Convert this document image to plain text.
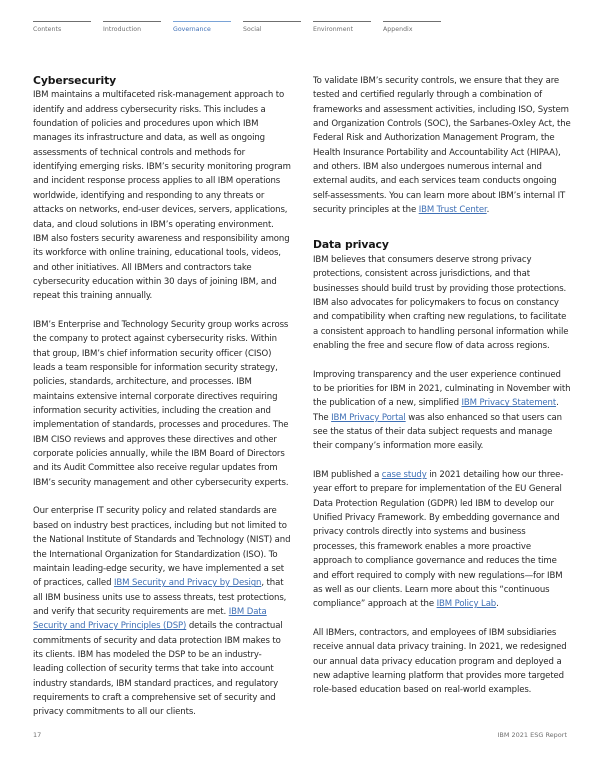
Contents	Introduction	Governance	Social	Environment	Appendix
Cybersecurity

IBM maintains a multifaceted risk-management approach to identify and address cybersecurity risks. This includes a foundation of policies and procedures upon which IBM manages its infrastructure and data, as well as ongoing assessments of technical controls and methods for identifying emerging risks. IBM’s security monitoring program and incident response process applies to all IBM operations worldwide, identifying and responding to any threats or attacks on networks, end-user devices, servers, applications, data, and cloud solutions in IBM’s operating environment. IBM also fosters security awareness and responsibility among its workforce with online training, educational tools, videos, and other initiatives. All IBMers and contractors take cybersecurity education within 30 days of joining IBM, and repeat this training annually.

IBM’s Enterprise and Technology Security group works across the company to protect against cybersecurity risks. Within that group, IBM’s chief information security officer (CISO) leads a team responsible for information security strategy, policies, standards, architecture, and processes. IBM maintains extensive internal corporate directives requiring information security activities, including the creation and implementation of standards, processes and procedures. The IBM CISO reviews and approves these directives and other corporate policies annually, while the IBM Board of Directors and its Audit Committee also receive regular updates from IBM’s security management and other cybersecurity experts.

Our enterprise IT security policy and related standards are based on industry best practices, including but not limited to the National Institute of Standards and Technology (NIST) and the International Organization for Standardization (ISO). To maintain leading-edge security, we have implemented a set of practices, called IBM Security and Privacy by Design, that all IBM business units use to assess threats, test protections, and verify that security requirements are met. IBM Data Security and Privacy Principles (DSP) details the contractual commitments of security and data protection IBM makes to its clients. IBM has modeled the DSP to be an industry-leading collection of security terms that take into account industry standards, IBM standard practices, and regulatory requirements to craft a comprehensive set of security and privacy commitments to all our clients.

To validate IBM’s security controls, we ensure that they are tested and certified regularly through a combination of frameworks and assessment activities, including ISO, System and Organization Controls (SOC), the Sarbanes-Oxley Act, the Federal Risk and Authorization Management Program, the Health Insurance Portability and Accountability Act (HIPAA), and others. IBM also undergoes numerous internal and external audits, and each services team conducts ongoing self-assessments. You can learn more about IBM’s internal IT security principles at the IBM Trust Center.

Data privacy

IBM believes that consumers deserve strong privacy protections, consistent across jurisdictions, and that businesses should build trust by providing those protections. IBM also advocates for policymakers to focus on constancy and compatibility when crafting new regulations, to facilitate a consistent approach to handling personal information while enabling the free and secure flow of data across regions.

Improving transparency and the user experience continued to be priorities for IBM in 2021, culminating in November with the publication of a new, simplified IBM Privacy Statement. The IBM Privacy Portal was also enhanced so that users can see the status of their data subject requests and manage their company’s information more easily.

IBM published a case study in 2021 detailing how our three-year effort to prepare for implementation of the EU General Data Protection Regulation (GDPR) led IBM to develop our Unified Privacy Framework. By embedding governance and privacy controls directly into systems and business processes, this framework enables a more proactive approach to compliance governance and reduces the time and effort required to comply with new regulations—for IBM as well as our clients. Learn more about this “continuous compliance” approach at the IBM Policy Lab.

All IBMers, contractors, and employees of IBM subsidiaries receive annual data privacy training. In 2021, we redesigned our annual data privacy education program and deployed a new adaptive learning platform that provides more targeted role-based education based on real-world examples.

17	IBM 2021 ESG Report
